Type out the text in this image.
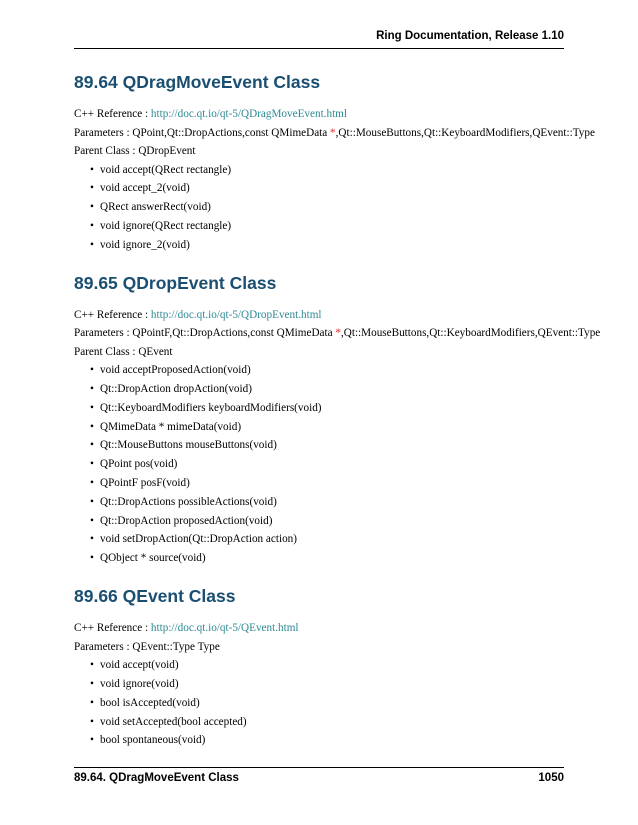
Ring Documentation, Release 1.10
89.64 QDragMoveEvent Class

C++ Reference : http://doc.qt.io/qt-5/QDragMoveEvent.html

Parameters : QPoint,Qt::DropActions,const QMimeData *,Qt::MouseButtons,Qt::KeyboardModifiers,QEvent::Type

Parent Class : QDropEvent

• void accept(QRect rectangle)
• void accept_2(void)
• QRect answerRect(void)
• void ignore(QRect rectangle)
• void ignore_2(void)
89.65 QDropEvent Class

C++ Reference : http://doc.qt.io/qt-5/QDropEvent.html

Parameters : QPointF,Qt::DropActions,const QMimeData *,Qt::MouseButtons,Qt::KeyboardModifiers,QEvent::Type

Parent Class : QEvent

• void acceptProposedAction(void)
• Qt::DropAction dropAction(void)
• Qt::KeyboardModifiers keyboardModifiers(void)
• QMimeData * mimeData(void)
• Qt::MouseButtons mouseButtons(void)
• QPoint pos(void)
• QPointF posF(void)
• Qt::DropActions possibleActions(void)
• Qt::DropAction proposedAction(void)
• void setDropAction(Qt::DropAction action)
• QObject * source(void)
89.66 QEvent Class

C++ Reference : http://doc.qt.io/qt-5/QEvent.html

Parameters : QEvent::Type Type

• void accept(void)
• void ignore(void)
• bool isAccepted(void)
• void setAccepted(bool accepted)
• bool spontaneous(void)
89.64. QDragMoveEvent Class	1050
